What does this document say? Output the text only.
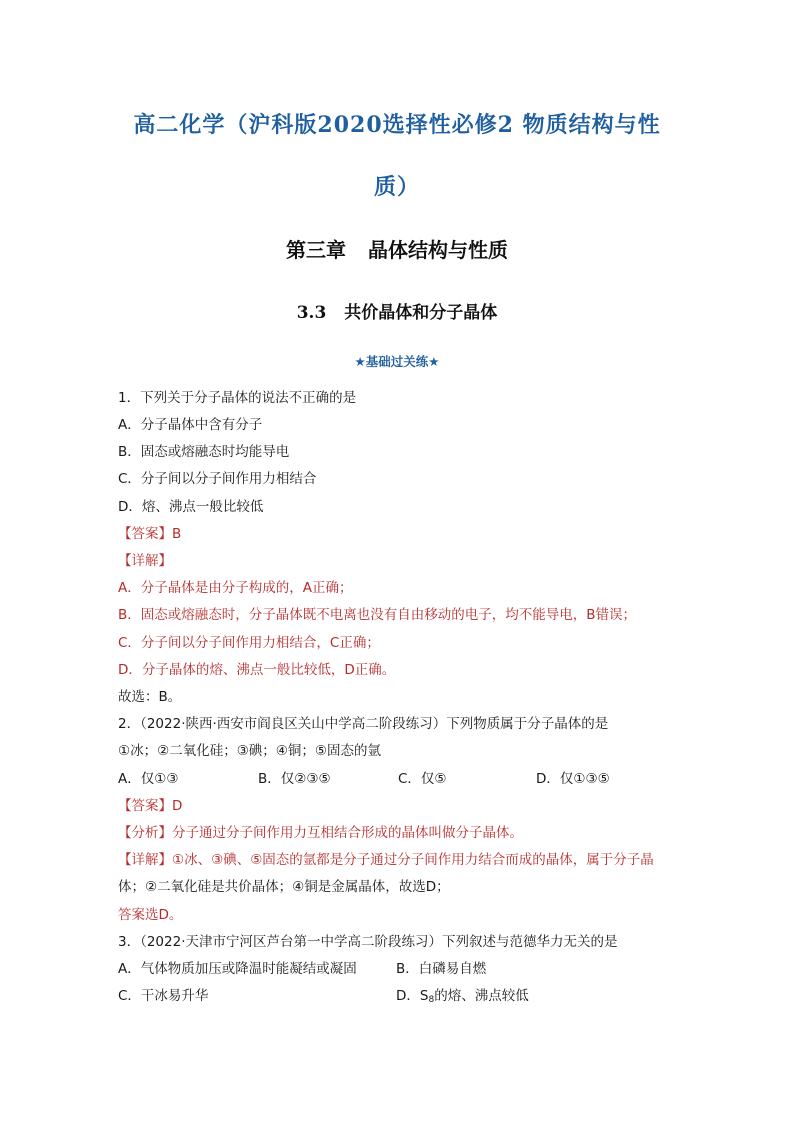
高二化学（沪科版2020选择性必修2 物质结构与性
质）
第三章 晶体结构与性质
3.3 共价晶体和分子晶体
★基础过关练★
1．下列关于分子晶体的说法不正确的是
A．分子晶体中含有分子
B．固态或熔融态时均能导电
C．分子间以分子间作用力相结合
D．熔、沸点一般比较低
【答案】B
【详解】
A．分子晶体是由分子构成的，A正确；
B．固态或熔融态时，分子晶体既不电离也没有自由移动的电子，均不能导电，B错误；
C．分子间以分子间作用力相结合，C正确；
D．分子晶体的熔、沸点一般比较低，D正确。
故选：B。
2．（2022·陕西·西安市阎良区关山中学高二阶段练习）下列物质属于分子晶体的是
①冰；②二氧化硅；③碘；④铜；⑤固态的氩
A．仅①③	B．仅②③⑤	C．仅⑤	D．仅①③⑤
【答案】D
【分析】分子通过分子间作用力互相结合形成的晶体叫做分子晶体。
【详解】①冰、③碘、⑤固态的氩都是分子通过分子间作用力结合而成的晶体，属于分子晶
体；②二氧化硅是共价晶体；④铜是金属晶体，故选D；
答案选D。
3．（2022·天津市宁河区芦台第一中学高二阶段练习）下列叙述与范德华力无关的是
A．气体物质加压或降温时能凝结或凝固	B．白磷易自燃
C．干冰易升华	D．$S_8$的熔、沸点较低
